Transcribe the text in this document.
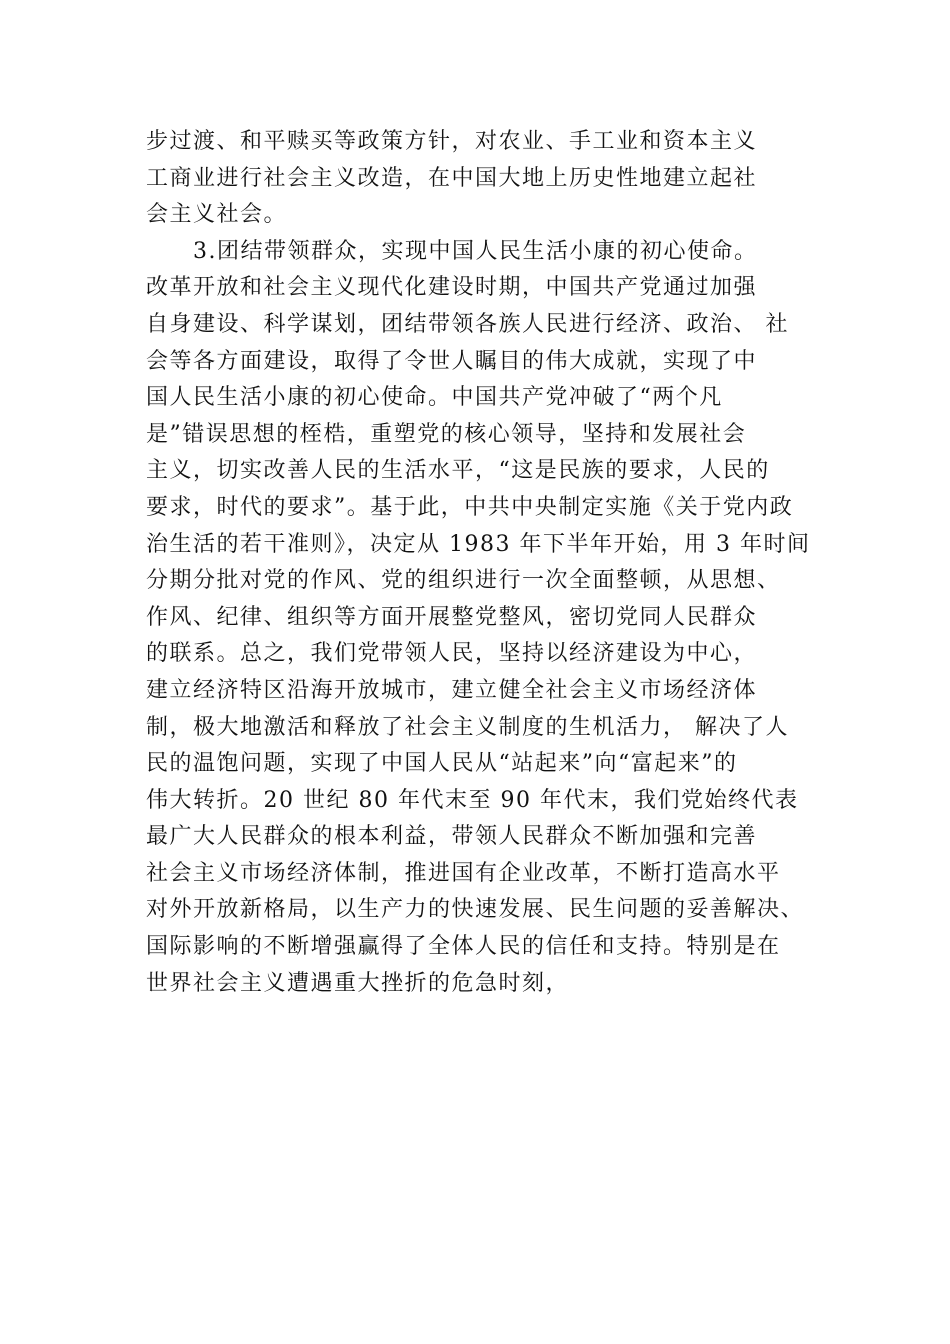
步过渡、和平赎买等政策方针，对农业、手工业和资本主义
工商业进行社会主义改造，在中国大地上历史性地建立起社
会主义社会。
　　3.团结带领群众，实现中国人民生活小康的初心使命。
改革开放和社会主义现代化建设时期，中国共产党通过加强
自身建设、科学谋划，团结带领各族人民进行经济、政治、 社
会等各方面建设，取得了令世人瞩目的伟大成就，实现了中
国人民生活小康的初心使命。中国共产党冲破了“两个凡
是”错误思想的桎梏，重塑党的核心领导，坚持和发展社会
主义，切实改善人民的生活水平，“这是民族的要求，人民的
要求，时代的要求”。基于此，中共中央制定实施《关于党内政
治生活的若干准则》，决定从 1983 年下半年开始，用 3 年时间
分期分批对党的作风、党的组织进行一次全面整顿，从思想、
作风、纪律、组织等方面开展整党整风，密切党同人民群众
的联系。总之，我们党带领人民，坚持以经济建设为中心，
建立经济特区沿海开放城市，建立健全社会主义市场经济体
制，极大地激活和释放了社会主义制度的生机活力， 解决了人
民的温饱问题，实现了中国人民从“站起来”向“富起来”的
伟大转折。20 世纪 80 年代末至 90 年代末，我们党始终代表
最广大人民群众的根本利益，带领人民群众不断加强和完善
社会主义市场经济体制，推进国有企业改革，不断打造高水平
对外开放新格局，以生产力的快速发展、民生问题的妥善解决、
国际影响的不断增强赢得了全体人民的信任和支持。特别是在
世界社会主义遭遇重大挫折的危急时刻，
